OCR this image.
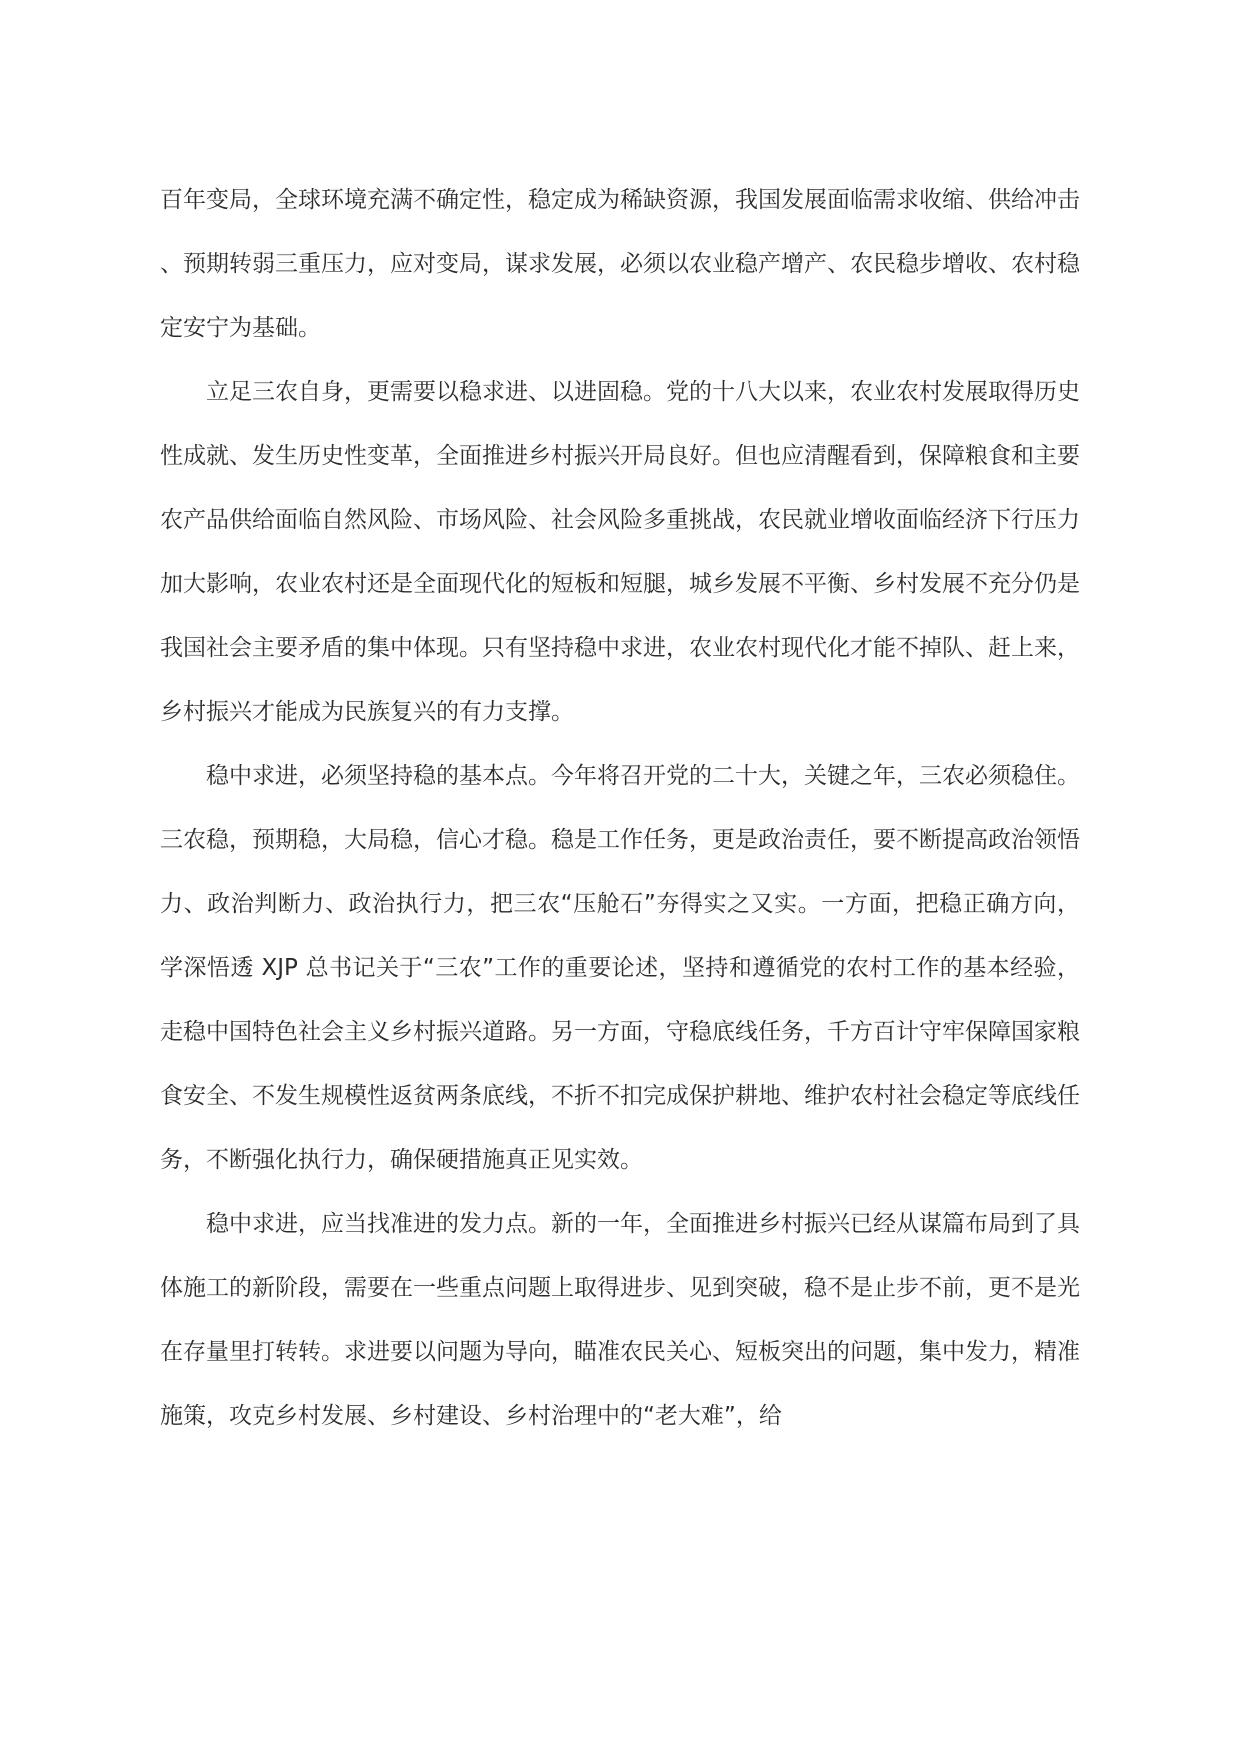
百年变局，全球环境充满不确定性，稳定成为稀缺资源，我国发展面临需求收缩、供给冲击、预期转弱三重压力，应对变局，谋求发展，必须以农业稳产增产、农民稳步增收、农村稳定安宁为基础。

立足三农自身，更需要以稳求进、以进固稳。党的十八大以来，农业农村发展取得历史性成就、发生历史性变革，全面推进乡村振兴开局良好。但也应清醒看到，保障粮食和主要农产品供给面临自然风险、市场风险、社会风险多重挑战，农民就业增收面临经济下行压力加大影响，农业农村还是全面现代化的短板和短腿，城乡发展不平衡、乡村发展不充分仍是我国社会主要矛盾的集中体现。只有坚持稳中求进，农业农村现代化才能不掉队、赶上来，乡村振兴才能成为民族复兴的有力支撑。

稳中求进，必须坚持稳的基本点。今年将召开党的二十大，关键之年，三农必须稳住。三农稳，预期稳，大局稳，信心才稳。稳是工作任务，更是政治责任，要不断提高政治领悟力、政治判断力、政治执行力，把三农“压舱石”夯得实之又实。一方面，把稳正确方向，学深悟透 XJP 总书记关于“三农”工作的重要论述，坚持和遵循党的农村工作的基本经验，走稳中国特色社会主义乡村振兴道路。另一方面，守稳底线任务，千方百计守牢保障国家粮食安全、不发生规模性返贫两条底线，不折不扣完成保护耕地、维护农村社会稳定等底线任务，不断强化执行力，确保硬措施真正见实效。

稳中求进，应当找准进的发力点。新的一年，全面推进乡村振兴已经从谋篇布局到了具体施工的新阶段，需要在一些重点问题上取得进步、见到突破，稳不是止步不前，更不是光在存量里打转转。求进要以问题为导向，瞄准农民关心、短板突出的问题，集中发力，精准施策，攻克乡村发展、乡村建设、乡村治理中的“老大难”，给
